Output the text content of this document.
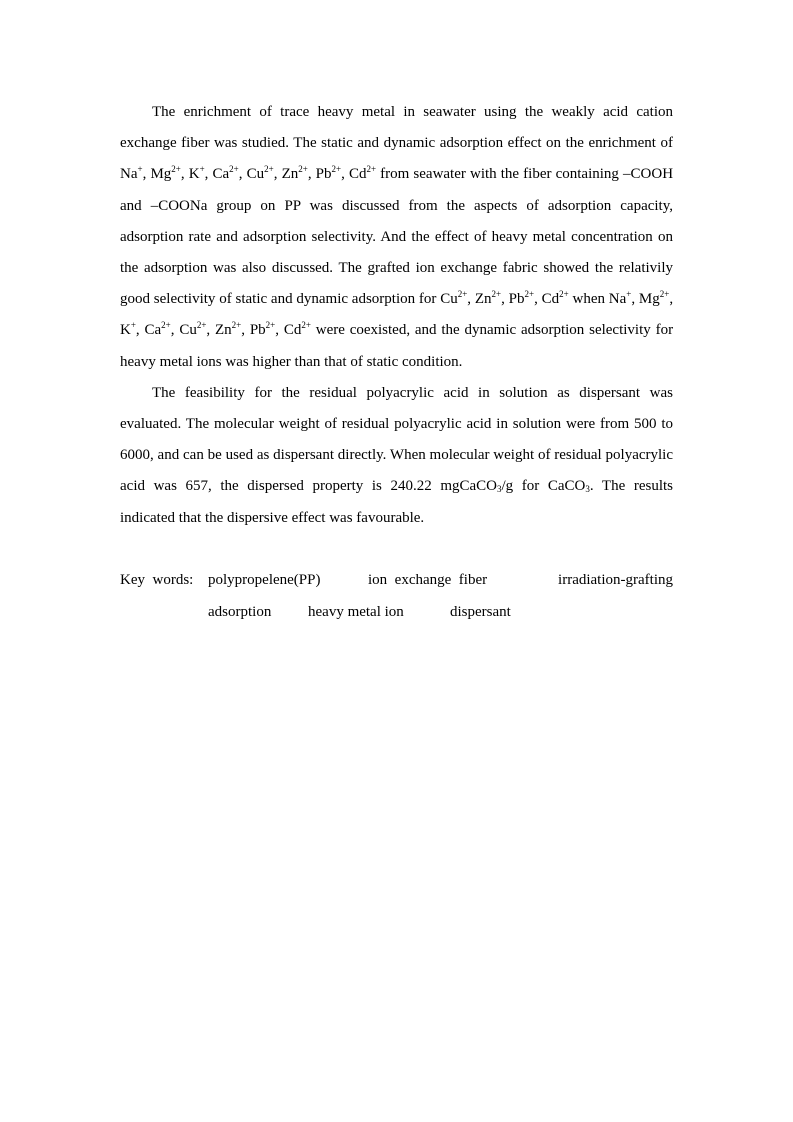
The enrichment of trace heavy metal in seawater using the weakly acid cation exchange fiber was studied. The static and dynamic adsorption effect on the enrichment of Na+, $Mg^{2+}$, K+, $Ca^{2+}$, $Cu^{2+}$, $Zn^{2+}$, $Pb^{2+}$, $Cd^{2+}$ from seawater with the fiber containing –COOH and –COONa group on PP was discussed from the aspects of adsorption capacity, adsorption rate and adsorption selectivity. And the effect of heavy metal concentration on the adsorption was also discussed. The grafted ion exchange fabric showed the relativily good selectivity of static and dynamic adsorption for $Cu^{2+}$, $Zn^{2+}$, $Pb^{2+}$, $Cd^{2+}$ when Na+, $Mg^{2+}$, K+, $Ca^{2+}$, $Cu^{2+}$, $Zn^{2+}$, $Pb^{2+}$, $Cd^{2+}$ were coexisted, and the dynamic adsorption selectivity for heavy metal ions was higher than that of static condition.

The feasibility for the residual polyacrylic acid in solution as dispersant was evaluated. The molecular weight of residual polyacrylic acid in solution were from 500 to 6000, and can be used as dispersant directly. When molecular weight of residual polyacrylic acid was 657, the dispersed property is 240.22 mgCaCO$_3$/g for CaCO$_3$. The results indicated that the dispersive effect was favourable.

Key  words: polypropelene(PP)	ion  exchange  fiber	irradiation-grafting
adsorption heavy metal ion	dispersant
